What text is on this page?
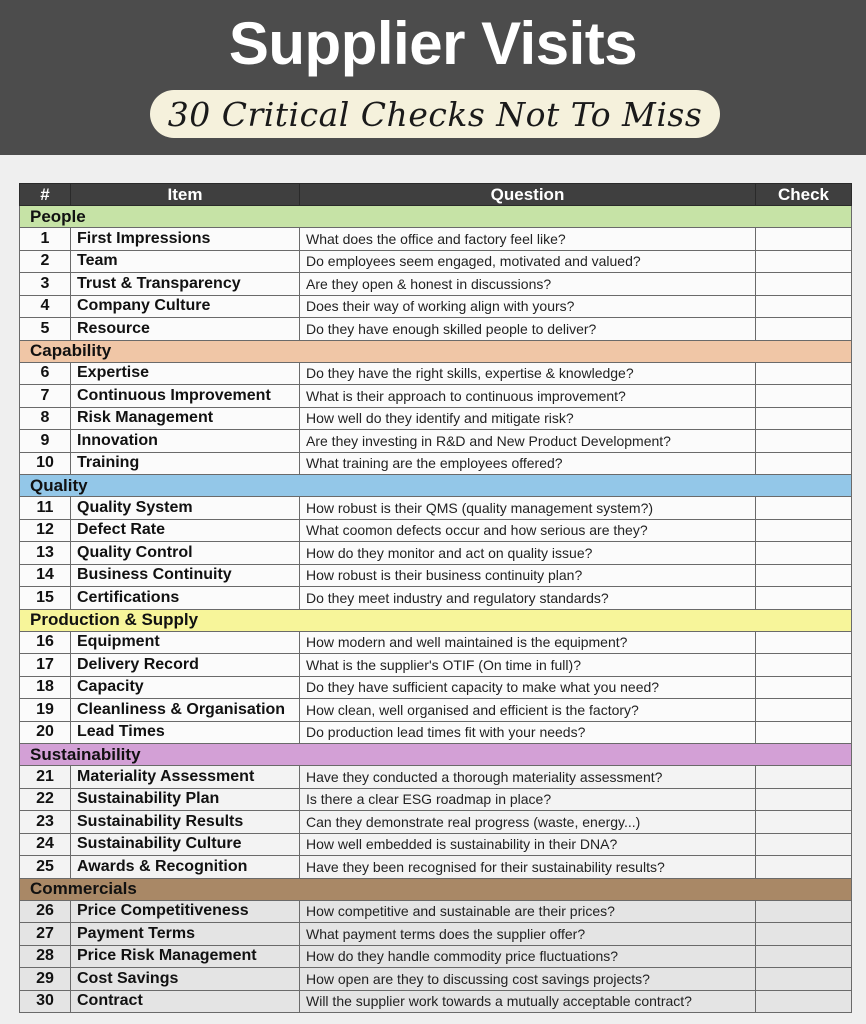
Supplier Visits
30 Critical Checks Not To Miss
#	Item	Question	Check
People			
1	First Impressions	What does the office and factory feel like?	
2	Team	Do employees seem engaged, motivated and valued?	
3	Trust & Transparency	Are they open & honest in discussions?	
4	Company Culture	Does their way of working align with yours?	
5	Resource	Do they have enough skilled people to deliver?	
Capability			
6	Expertise	Do they have the right skills, expertise & knowledge?	
7	Continuous Improvement	What is their approach to continuous improvement?	
8	Risk Management	How well do they identify and mitigate risk?	
9	Innovation	Are they investing in R&D and New Product Development?	
10	Training	What training are the employees offered?	
Quality			
11	Quality System	How robust is their QMS (quality management system?)	
12	Defect Rate	What coomon defects occur and how serious are they?	
13	Quality Control	How do they monitor and act on quality issue?	
14	Business Continuity	How robust is their business continuity plan?	
15	Certifications	Do they meet industry and regulatory standards?	
Production & Supply			
16	Equipment	How modern and well maintained is the equipment?	
17	Delivery Record	What is the supplier's OTIF (On time in full)?	
18	Capacity	Do they have sufficient capacity to make what you need?	
19	Cleanliness & Organisation	How clean, well organised and efficient is the factory?	
20	Lead Times	Do production lead times fit with your needs?	
Sustainability			
21	Materiality Assessment	Have they conducted a thorough materiality assessment?	
22	Sustainability Plan	Is there a clear ESG roadmap in place?	
23	Sustainability Results	Can they demonstrate real progress (waste, energy...)	
24	Sustainability Culture	How well embedded is sustainability in their DNA?	
25	Awards & Recognition	Have they been recognised for their sustainability results?	
Commercials			
26	Price Competitiveness	How competitive and sustainable are their prices?	
27	Payment Terms	What payment terms does the supplier offer?	
28	Price Risk Management	How do they handle commodity price fluctuations?	
29	Cost Savings	How open are they to discussing cost savings projects?	
30	Contract	Will the supplier work towards a mutually acceptable contract?	
